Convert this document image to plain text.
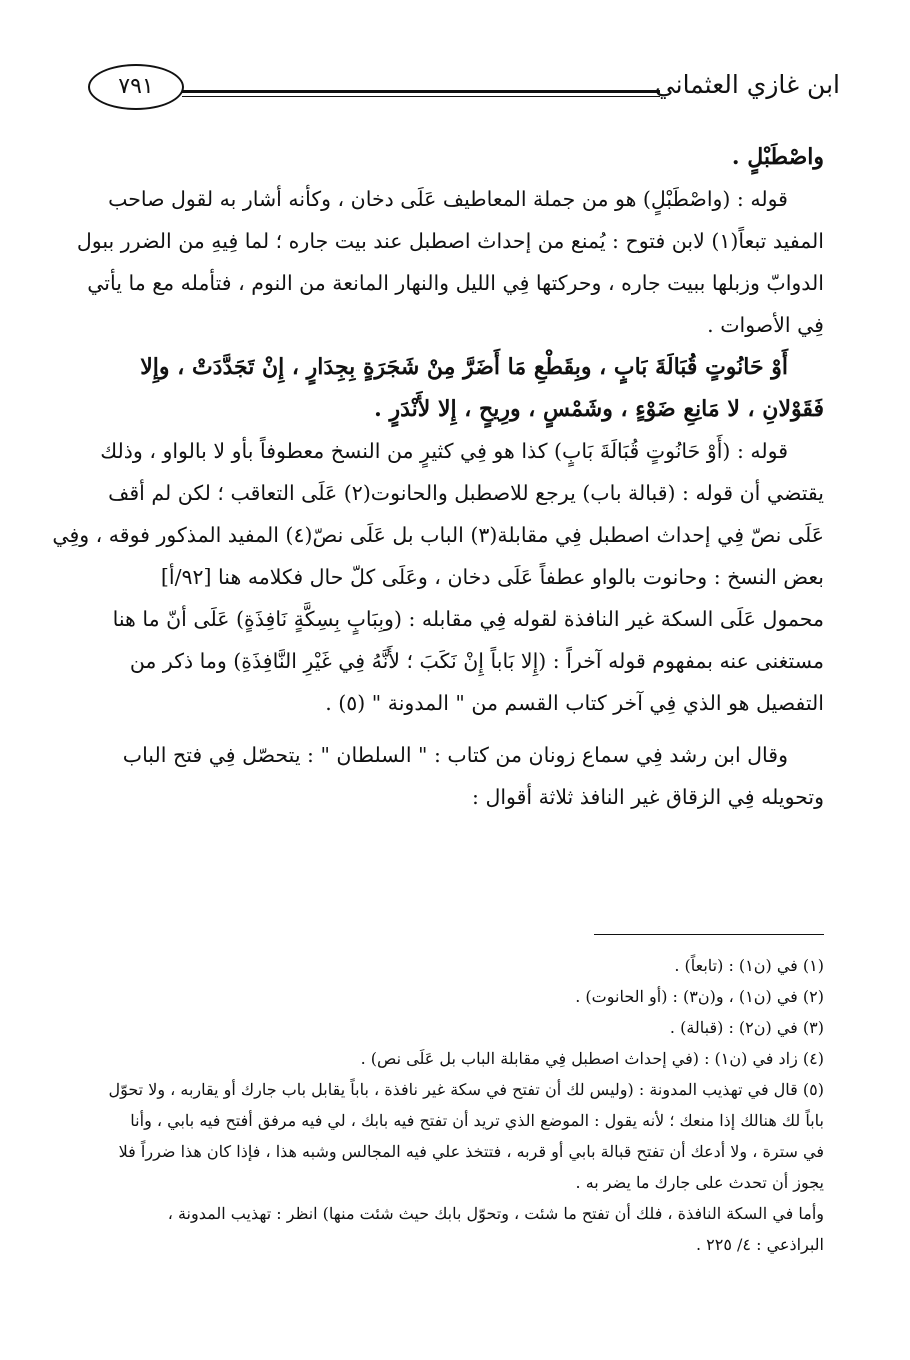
٧٩١	ابن غازي العثماني
واصْطَبْلٍ .
قوله : (واصْطَبْلٍ) هو من جملة المعاطيف عَلَى دخان ، وكأنه أشار به لقول صاحب
المفيد تبعاً(١) لابن فتوح : يُمنع من إحداث اصطبل عند بيت جاره ؛ لما فِيهِ من الضرر ببول
الدوابّ وزبلها ببيت جاره ، وحركتها فِي الليل والنهار المانعة من النوم ، فتأمله مع ما يأتي
فِي الأصوات .
أَوْ حَانُوتٍ قُبَالَةَ بَابٍ ، وبِقَطْعِ مَا أَضَرَّ مِنْ شَجَرَةٍ بِجِدَارٍ ، إِنْ تَجَدَّدَتْ ، وإِلا
فَقَوْلانِ ، لا مَانِعِ ضَوْءٍ ، وشَمْسٍ ، ورِيحٍ ، إِلا لأَنْدَرٍ .
قوله : (أَوْ حَانُوتٍ قُبَالَةَ بَابٍ) كذا هو فِي كثيرٍ من النسخ معطوفاً بأو لا بالواو ، وذلك
يقتضي أن قوله : (قبالة باب) يرجع للاصطبل والحانوت(٢) عَلَى التعاقب ؛ لكن لم أقف
عَلَى نصّ فِي إحداث اصطبل فِي مقابلة(٣) الباب بل عَلَى نصّ(٤) المفيد المذكور فوقه ، وفِي
بعض النسخ : وحانوت بالواو عطفاً عَلَى دخان ، وعَلَى كلّ حال فكلامه هنا [٩٢/أ]
محمول عَلَى السكة غير النافذة لقوله فِي مقابله : (وبِبَابٍ بِسِكَّةٍ نَافِذَةٍ) عَلَى أنّ ما هنا
مستغنى عنه بمفهوم قوله آخراً : (إِلا بَاباً إِنْ نَكَبَ ؛ لأَنَّهُ فِي غَيْرِ النَّافِذَةِ) وما ذكر من
التفصيل هو الذي فِي آخر كتاب القسم من " المدونة " (٥) .
وقال ابن رشد فِي سماع زونان من كتاب : " السلطان " : يتحصّل فِي فتح الباب
وتحويله فِي الزقاق غير النافذ ثلاثة أقوال :
(١) في (ن١) : (تابعاً) .
(٢) في (ن١) ، و(ن٣) : (أو الحانوت) .
(٣) في (ن٢) : (قبالة) .
(٤) زاد في (ن١) : (في إحداث اصطبل فِي مقابلة الباب بل عَلَى نص) .
(٥) قال في تهذيب المدونة : (وليس لك أن تفتح في سكة غير نافذة ، باباً يقابل باب جارك أو يقاربه ، ولا تحوّل
باباً لك هنالك إذا منعك ؛ لأنه يقول : الموضع الذي تريد أن تفتح فيه بابك ، لي فيه مرفق أفتح فيه بابي ، وأنا
في سترة ، ولا أدعك أن تفتح قبالة بابي أو قربه ، فتتخذ علي فيه المجالس وشبه هذا ، فإذا كان هذا ضرراً فلا
يجوز أن تحدث على جارك ما يضر به .
وأما في السكة النافذة ، فلك أن تفتح ما شئت ، وتحوّل بابك حيث شئت منها) انظر : تهذيب المدونة ،
البراذعي : ٤/ ٢٢٥ .
